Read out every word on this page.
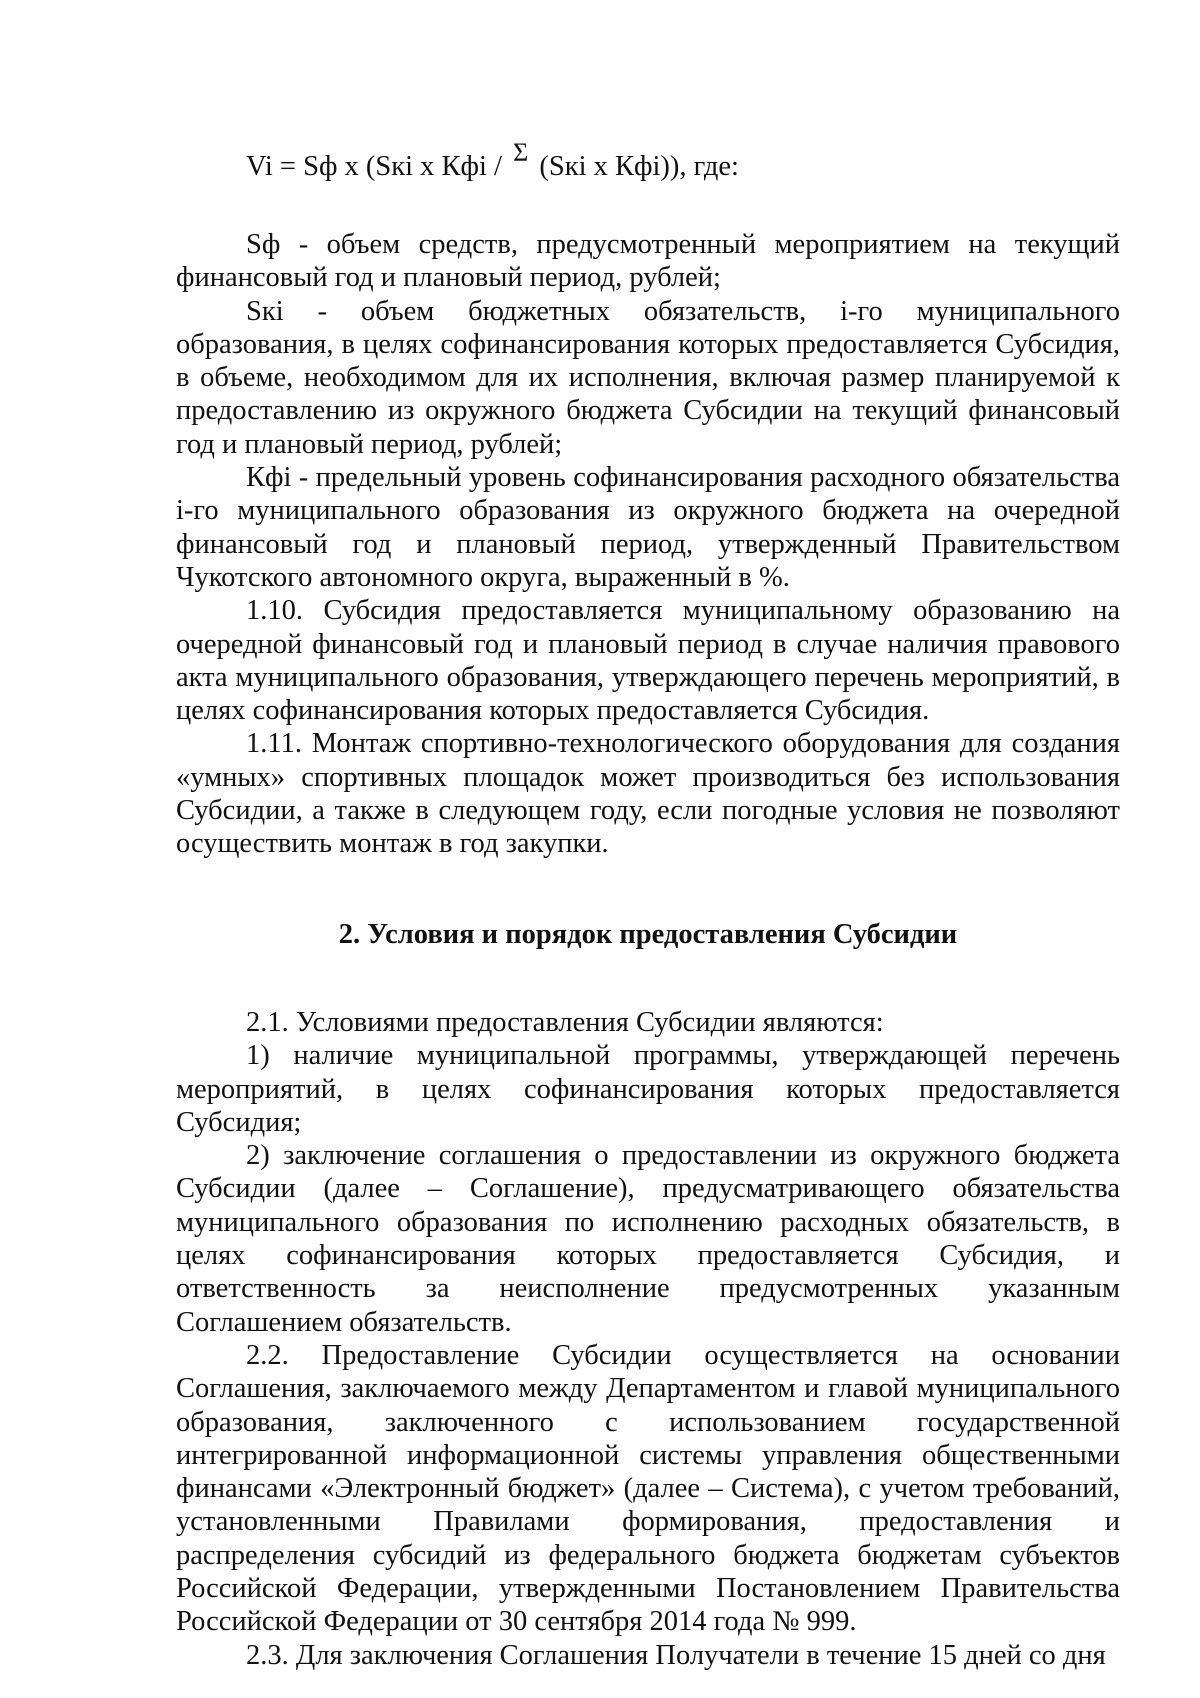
Vi = Sф х (Sкi х Кфi / Σ (Sкi х Кфi)), где:

Sф - объем средств, предусмотренный мероприятием на текущий финансовый год и плановый период, рублей;

Sкi - объем бюджетных обязательств, i-го муниципального образования, в целях софинансирования которых предоставляется Субсидия, в объеме, необходимом для их исполнения, включая размер планируемой к предоставлению из окружного бюджета Субсидии на текущий финансовый год и плановый период, рублей;

Кфi - предельный уровень софинансирования расходного обязательства i-го муниципального образования из окружного бюджета на очередной финансовый год и плановый период, утвержденный Правительством Чукотского автономного округа, выраженный в %.

1.10. Субсидия предоставляется муниципальному образованию на очередной финансовый год и плановый период в случае наличия правового акта муниципального образования, утверждающего перечень мероприятий, в целях софинансирования которых предоставляется Субсидия.

1.11. Монтаж спортивно-технологического оборудования для создания «умных» спортивных площадок может производиться без использования Субсидии, а также в следующем году, если погодные условия не позволяют осуществить монтаж в год закупки.

2. Условия и порядок предоставления Субсидии

2.1. Условиями предоставления Субсидии являются:

1) наличие муниципальной программы, утверждающей перечень мероприятий, в целях софинансирования которых предоставляется Субсидия;

2) заключение соглашения о предоставлении из окружного бюджета Субсидии (далее – Соглашение), предусматривающего обязательства муниципального образования по исполнению расходных обязательств, в целях софинансирования которых предоставляется Субсидия, и ответственность за неисполнение предусмотренных указанным Соглашением обязательств.

2.2. Предоставление Субсидии осуществляется на основании Соглашения, заключаемого между Департаментом и главой муниципального образования, заключенного с использованием государственной интегрированной информационной системы управления общественными финансами «Электронный бюджет» (далее – Система), с учетом требований, установленными Правилами формирования, предоставления и распределения субсидий из федерального бюджета бюджетам субъектов Российской Федерации, утвержденными Постановлением Правительства Российской Федерации от 30 сентября 2014 года № 999.

2.3. Для заключения Соглашения Получатели в течение 15 дней со дня
